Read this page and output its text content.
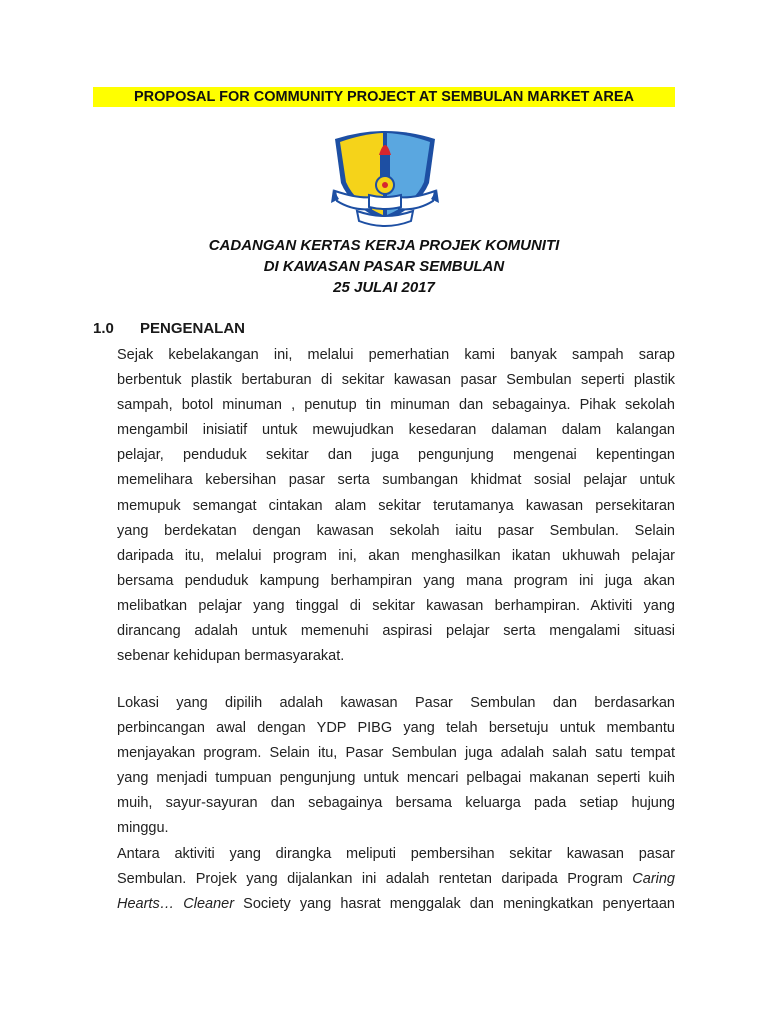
PROPOSAL FOR COMMUNITY PROJECT AT SEMBULAN MARKET AREA
CADANGAN KERTAS KERJA PROJEK KOMUNITI
DI KAWASAN PASAR SEMBULAN
25 JULAI 2017
1.0 PENGENALAN
Sejak kebelakangan ini, melalui pemerhatian kami banyak sampah sarap
berbentuk plastik bertaburan di sekitar kawasan pasar Sembulan seperti plastik
sampah, botol minuman , penutup tin minuman dan sebagainya. Pihak sekolah
mengambil inisiatif untuk mewujudkan kesedaran dalaman dalam kalangan
pelajar, penduduk sekitar dan juga pengunjung mengenai kepentingan
memelihara kebersihan pasar serta sumbangan khidmat sosial pelajar untuk
memupuk semangat cintakan alam sekitar terutamanya kawasan persekitaran
yang berdekatan dengan kawasan sekolah iaitu pasar Sembulan. Selain
daripada itu, melalui program ini, akan menghasilkan ikatan ukhuwah pelajar
bersama penduduk kampung berhampiran yang mana program ini juga akan
melibatkan pelajar yang tinggal di sekitar kawasan berhampiran. Aktiviti yang
dirancang adalah untuk memenuhi aspirasi pelajar serta mengalami situasi
sebenar kehidupan bermasyarakat.
Lokasi yang dipilih adalah kawasan Pasar Sembulan dan berdasarkan
perbincangan awal dengan YDP PIBG yang telah bersetuju untuk membantu
menjayakan program. Selain itu, Pasar Sembulan juga adalah salah satu tempat
yang menjadi tumpuan pengunjung untuk mencari pelbagai makanan seperti kuih
muih, sayur-sayuran dan sebagainya bersama keluarga pada setiap hujung
minggu.
Antara aktiviti yang dirangka meliputi pembersihan sekitar kawasan pasar
Sembulan. Projek yang dijalankan ini adalah rentetan daripada Program Caring
Hearts… Cleaner Society yang hasrat menggalak dan meningkatkan penyertaan
